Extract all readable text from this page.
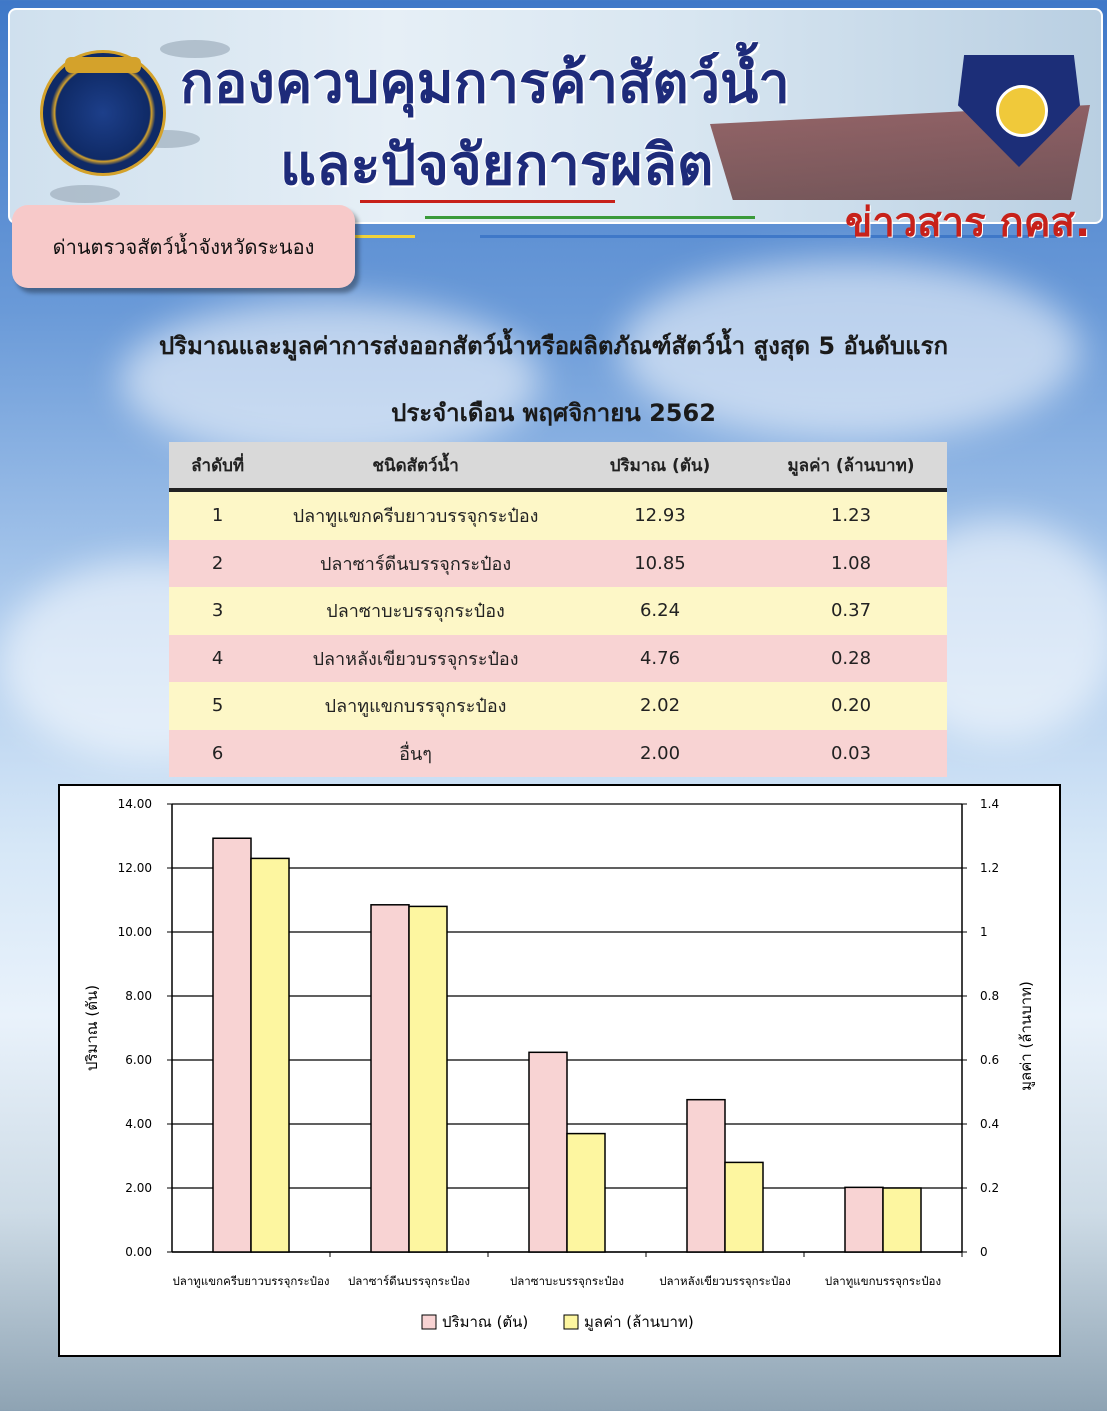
กองควบคุมการค้าสัตว์น้ำ
และปัจจัยการผลิต
ข่าวสาร กคส.
ด่านตรวจสัตว์น้ำจังหวัดระนอง
ปริมาณและมูลค่าการส่งออกสัตว์น้ำหรือผลิตภัณฑ์สัตว์น้ำ สูงสุด 5 อันดับแรก
ประจำเดือน พฤศจิกายน 2562
ลำดับที่	ชนิดสัตว์น้ำ	ปริมาณ (ตัน)	มูลค่า (ล้านบาท)
1	ปลาทูแขกครีบยาวบรรจุกระป๋อง	12.93	1.23
2	ปลาซาร์ดีนบรรจุกระป๋อง	10.85	1.08
3	ปลาซาบะบรรจุกระป๋อง	6.24	0.37
4	ปลาหลังเขียวบรรจุกระป๋อง	4.76	0.28
5	ปลาทูแขกบรรจุกระป๋อง	2.02	0.20
6	อื่นๆ	2.00	0.03
0.00
2.00
4.00
6.00
8.00
10.00
12.00
14.00
0
0.2
0.4
0.6
0.8
1
1.2
1.4
ปลาทูแขกครีบยาวบรรจุกระป๋อง ปลาซาร์ดีนบรรจุกระป๋อง	ปลาซาบะบรรจุกระป๋อง	ปลาหลังเขียวบรรจุกระป๋อง	ปลาทูแขกบรรจุกระป๋อง
ปริมาณ (ตัน)	มูลค่า (ล้านบาท)
ปริมาณ (ตัน)	มูลค่า (ล้านบาท)
